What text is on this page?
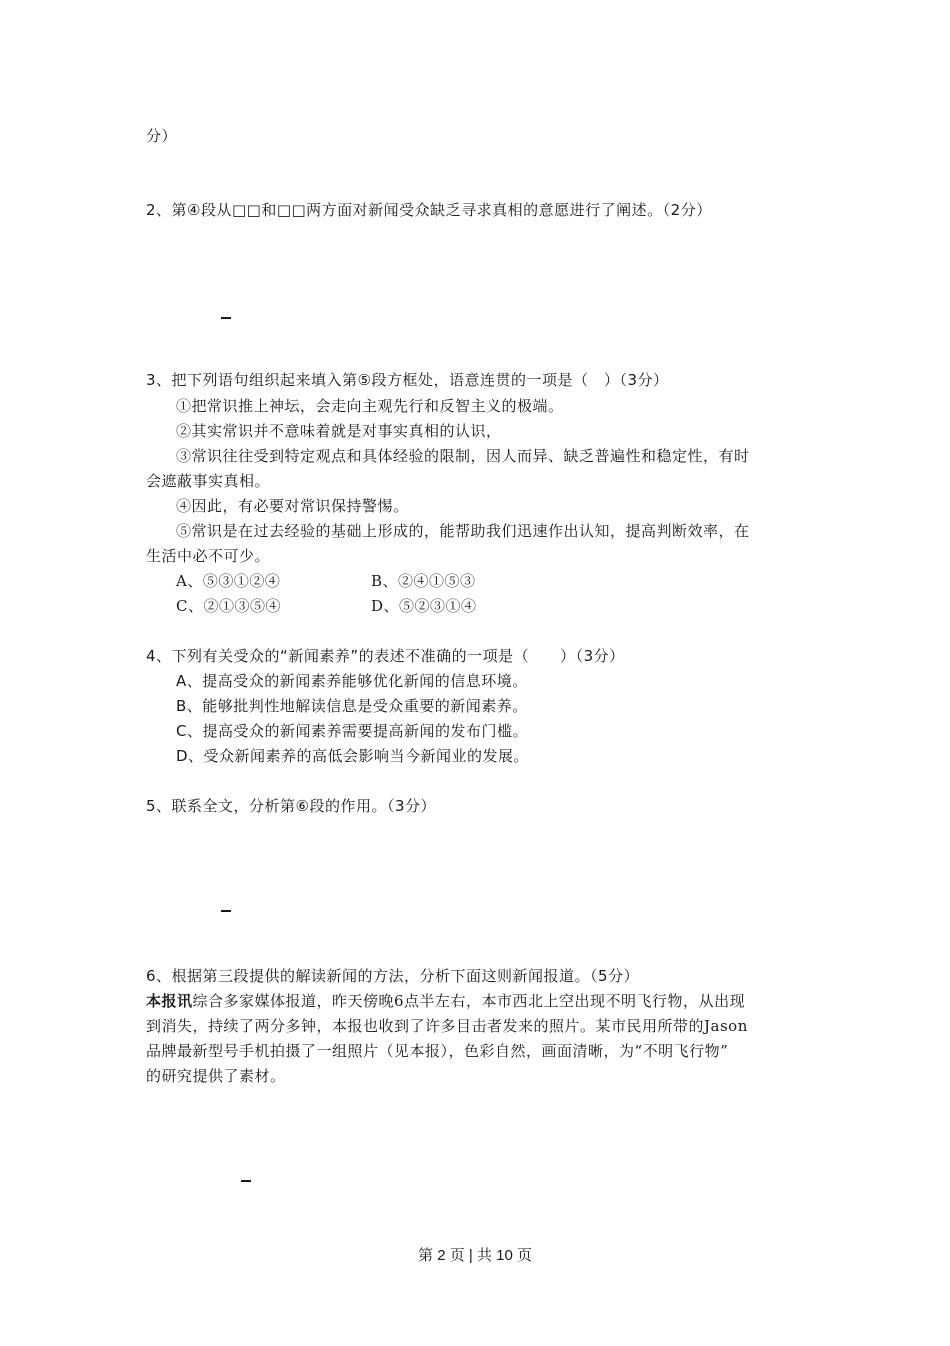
分）
2、第④段从□□和□□两方面对新闻受众缺乏寻求真相的意愿进行了阐述。（2分）
3、把下列语句组织起来填入第⑤段方框处，语意连贯的一项是（　）（3分）
①把常识推上神坛，会走向主观先行和反智主义的极端。
②其实常识并不意味着就是对事实真相的认识，
③常识往往受到特定观点和具体经验的限制，因人而异、缺乏普遍性和稳定性，有时
会遮蔽事实真相。
④因此，有必要对常识保持警惕。
⑤常识是在过去经验的基础上形成的，能帮助我们迅速作出认知，提高判断效率，在
生活中必不可少。
A、⑤③①②④	B、②④①⑤③
C、②①③⑤④	D、⑤②③①④
4、下列有关受众的“新闻素养”的表述不准确的一项是（　　）（3分）
A、提高受众的新闻素养能够优化新闻的信息环境。
B、能够批判性地解读信息是受众重要的新闻素养。
C、提高受众的新闻素养需要提高新闻的发布门槛。
D、受众新闻素养的高低会影响当今新闻业的发展。
5、联系全文，分析第⑥段的作用。（3分）
6、根据第三段提供的解读新闻的方法，分析下面这则新闻报道。（5分）
本报讯综合多家媒体报道，昨天傍晚6点半左右，本市西北上空出现不明飞行物，从出现
到消失，持续了两分多钟，本报也收到了许多目击者发来的照片。某市民用所带的Jason
品牌最新型号手机拍摄了一组照片（见本报），色彩自然，画面清晰，为“不明飞行物”
的研究提供了素材。
第 2 页 | 共 10 页
